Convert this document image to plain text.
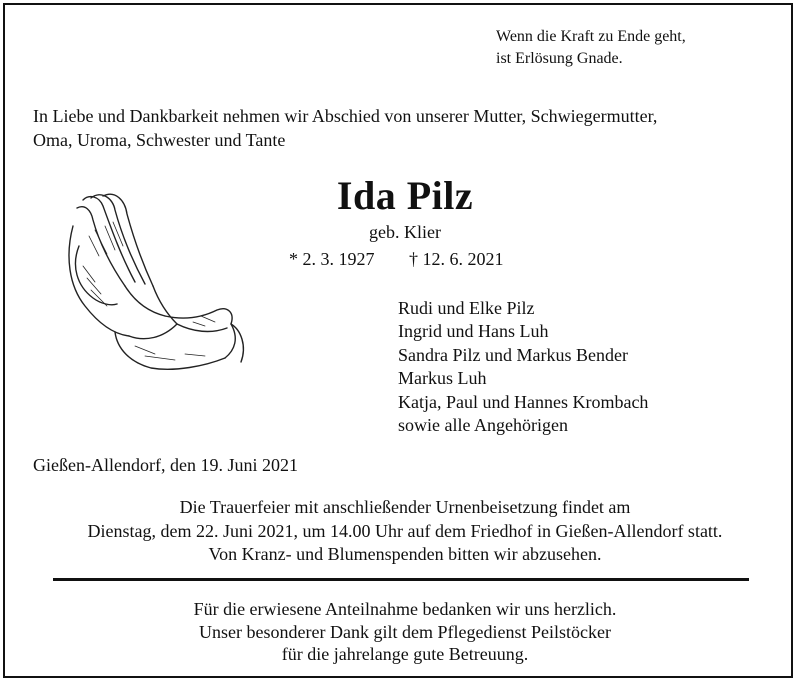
Wenn die Kraft zu Ende geht,
ist Erlösung Gnade.
In Liebe und Dankbarkeit nehmen wir Abschied von unserer Mutter, Schwiegermutter,
Oma, Uroma, Schwester und Tante
Ida Pilz
geb. Klier
* 2. 3. 1927 † 12. 6. 2021
Rudi und Elke Pilz
Ingrid und Hans Luh
Sandra Pilz und Markus Bender
Markus Luh
Katja, Paul und Hannes Krombach
sowie alle Angehörigen
Gießen-Allendorf, den 19. Juni 2021
Die Trauerfeier mit anschließender Urnenbeisetzung findet am
Dienstag, dem 22. Juni 2021, um 14.00 Uhr auf dem Friedhof in Gießen-Allendorf statt.
Von Kranz- und Blumenspenden bitten wir abzusehen.
Für die erwiesene Anteilnahme bedanken wir uns herzlich.
Unser besonderer Dank gilt dem Pflegedienst Peilstöcker
für die jahrelange gute Betreuung.
